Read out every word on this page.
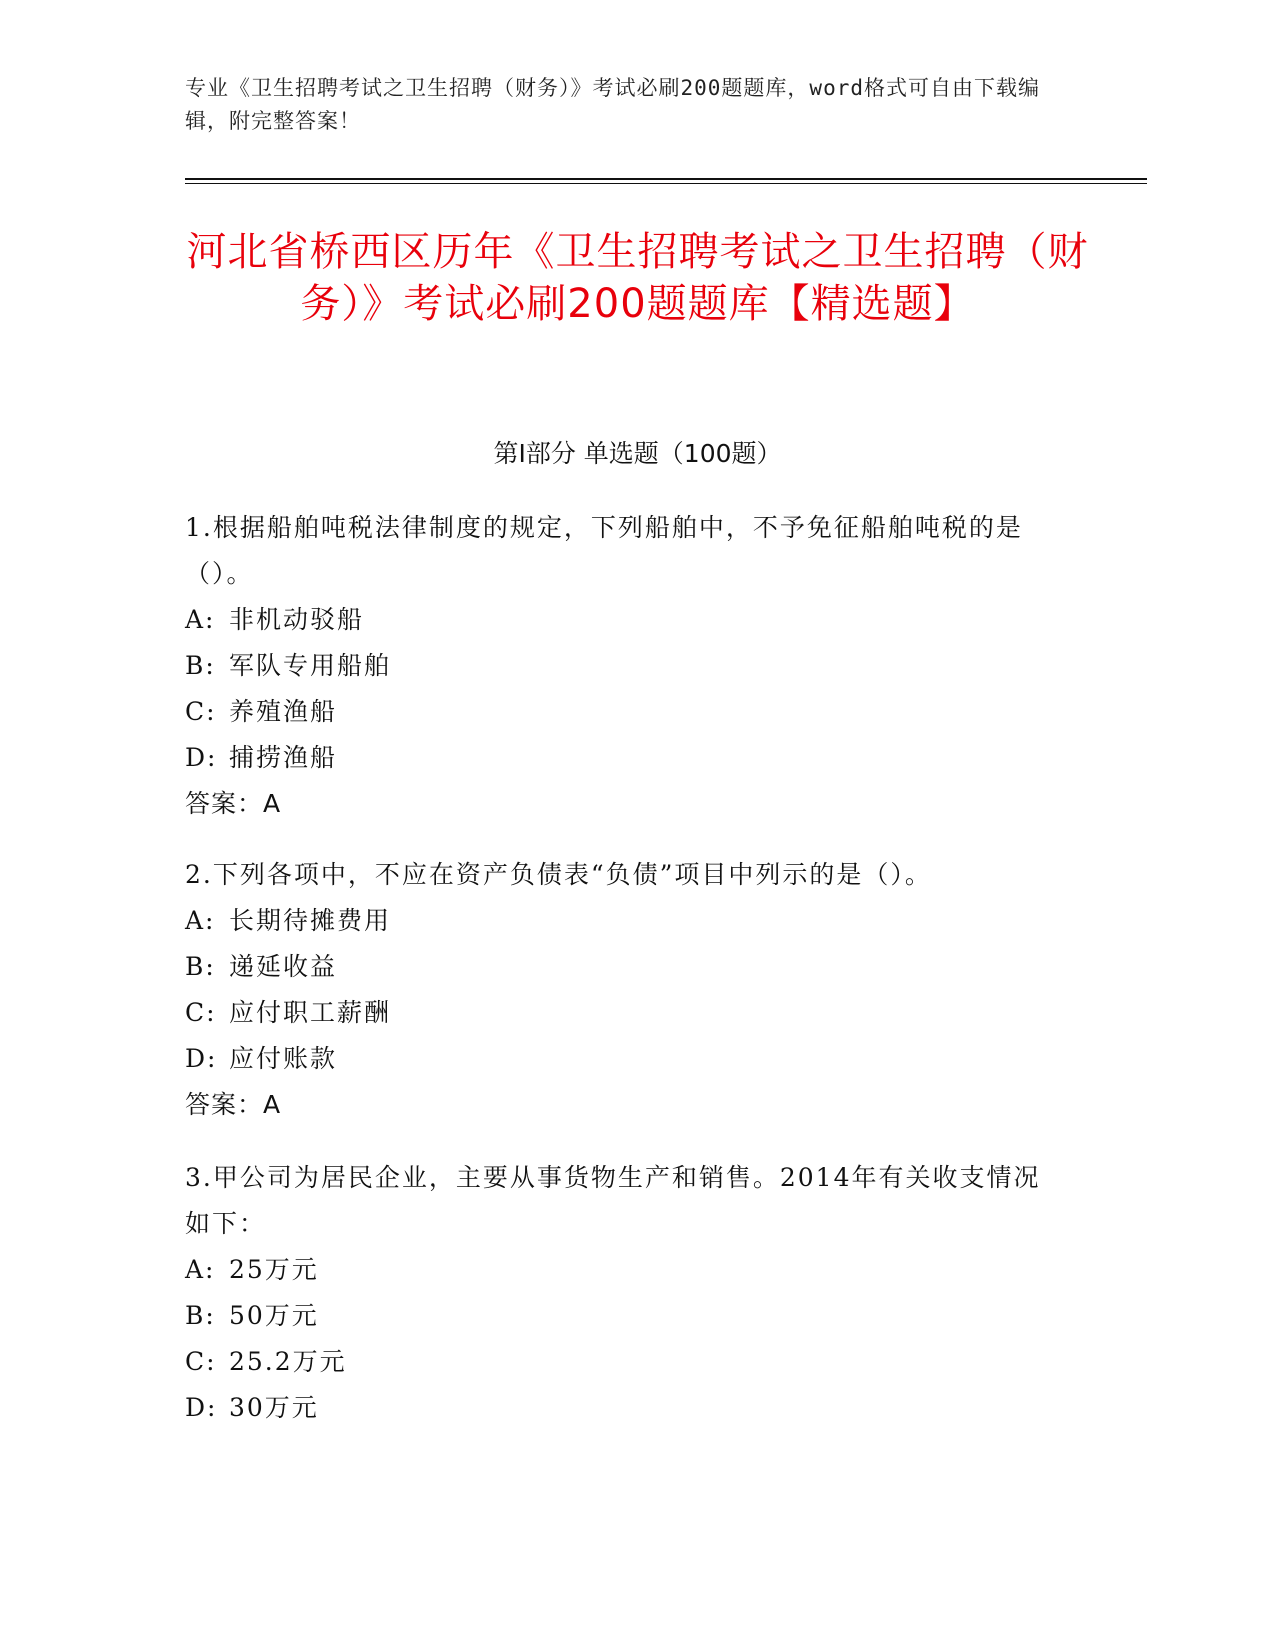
专业《卫生招聘考试之卫生招聘（财务）》考试必刷200题题库，word格式可自由下载编辑，附完整答案！
河北省桥西区历年《卫生招聘考试之卫生招聘（财务）》考试必刷200题题库【精选题】
第I部分 单选题（100题）

1.根据船舶吨税法律制度的规定，下列船舶中，不予免征船舶吨税的是（）。

A: 非机动驳船

B: 军队专用船舶

C: 养殖渔船

D: 捕捞渔船

答案：A

2.下列各项中，不应在资产负债表“负债”项目中列示的是（）。

A: 长期待摊费用

B: 递延收益

C: 应付职工薪酬

D: 应付账款

答案：A

3.甲公司为居民企业，主要从事货物生产和销售。2014年有关收支情况如下：

A: 25万元

B: 50万元

C: 25.2万元

D: 30万元
